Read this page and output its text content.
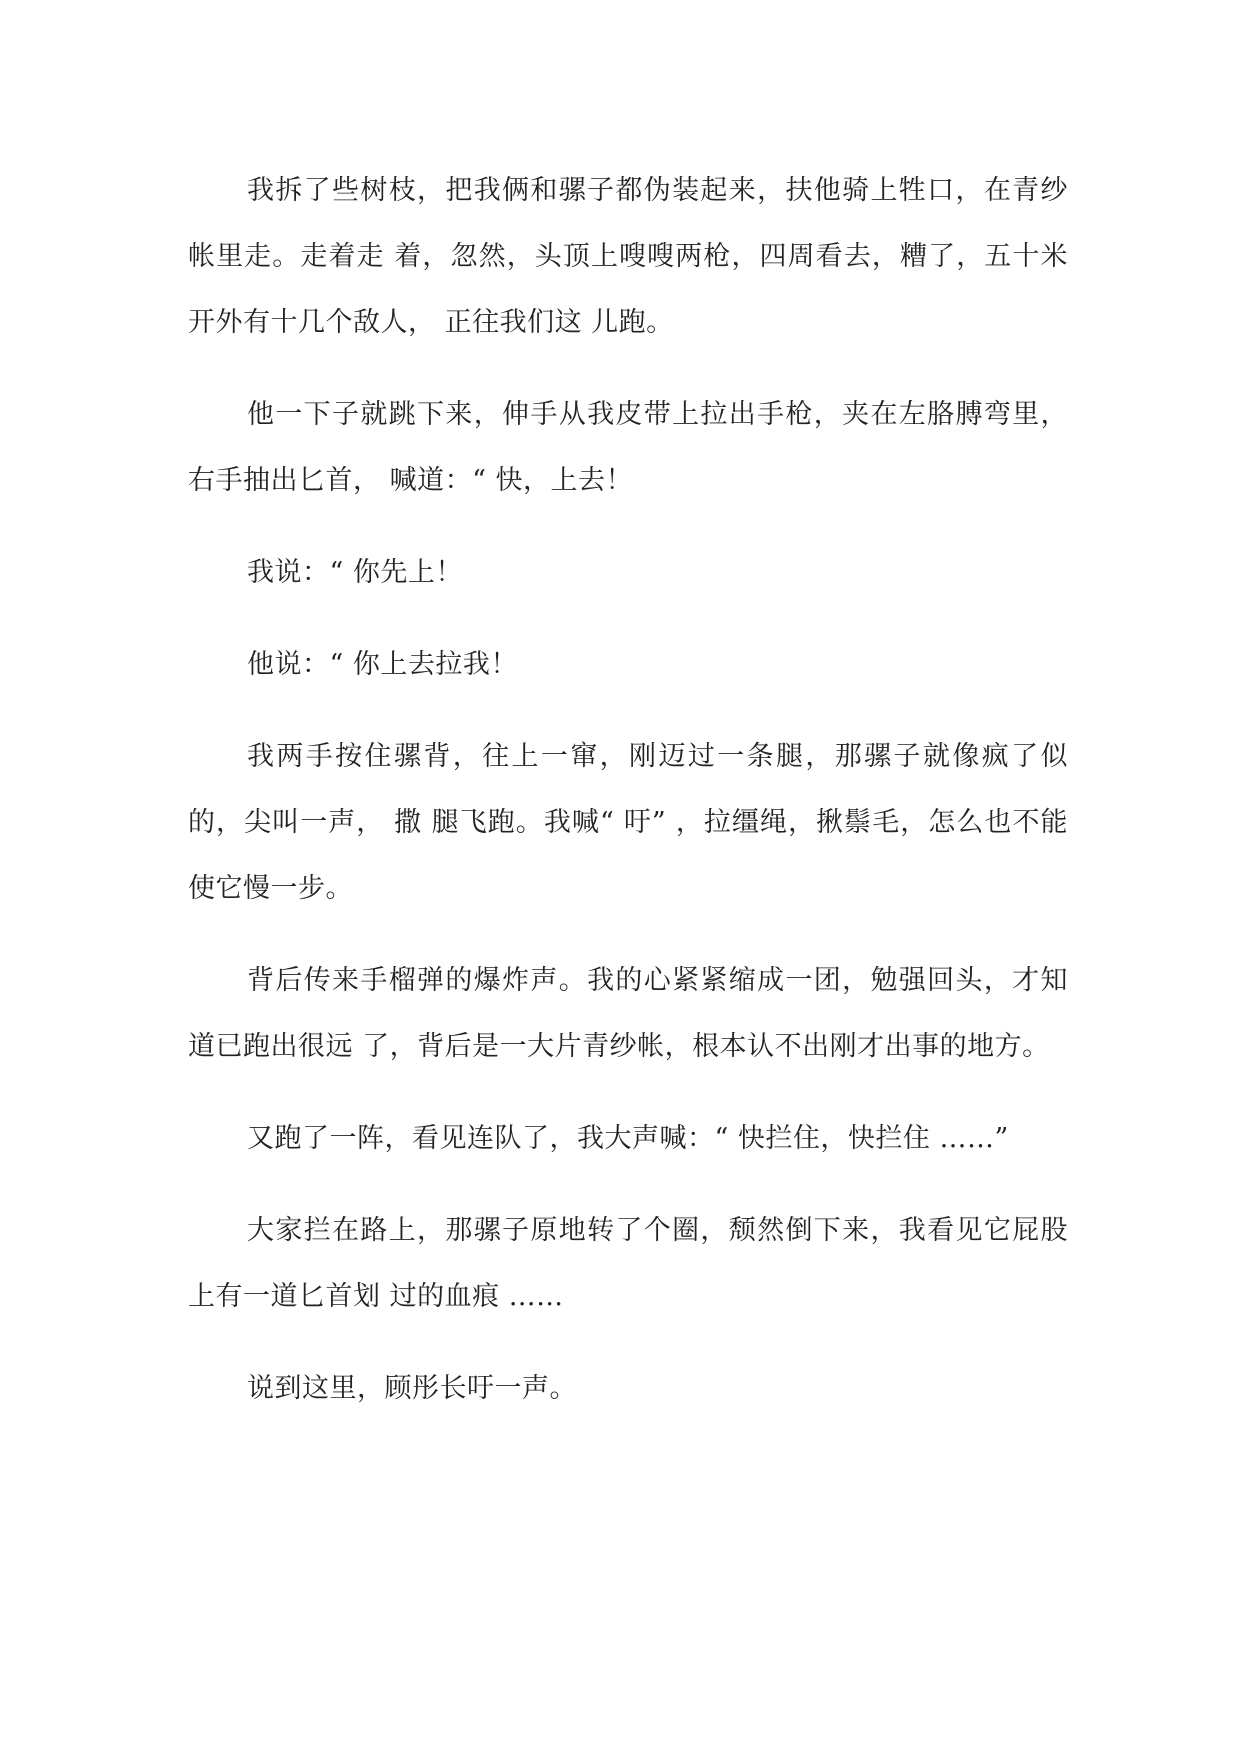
我拆了些树枝，把我俩和骡子都伪装起来，扶他骑上牲口，在青纱帐里走。走着走 着，忽然，头顶上嗖嗖两枪，四周看去，糟了，五十米开外有十几个敌人， 正往我们这 儿跑。

他一下子就跳下来，伸手从我皮带上拉出手枪，夹在左胳膊弯里，右手抽出匕首， 喊道：“ 快，上去！

我说：“ 你先上！

他说：“ 你上去拉我！

我两手按住骡背，往上一窜，刚迈过一条腿，那骡子就像疯了似的，尖叫一声， 撒 腿飞跑。我喊“ 吁” ，拉缰绳，揪鬃毛，怎么也不能使它慢一步。

背后传来手榴弹的爆炸声。我的心紧紧缩成一团，勉强回头，才知道已跑出很远 了，背后是一大片青纱帐，根本认不出刚才出事的地方。

又跑了一阵，看见连队了，我大声喊：“ 快拦住，快拦住 ……”

大家拦在路上，那骡子原地转了个圈，颓然倒下来，我看见它屁股上有一道匕首划 过的血痕 ……

说到这里，顾彤长吁一声。
